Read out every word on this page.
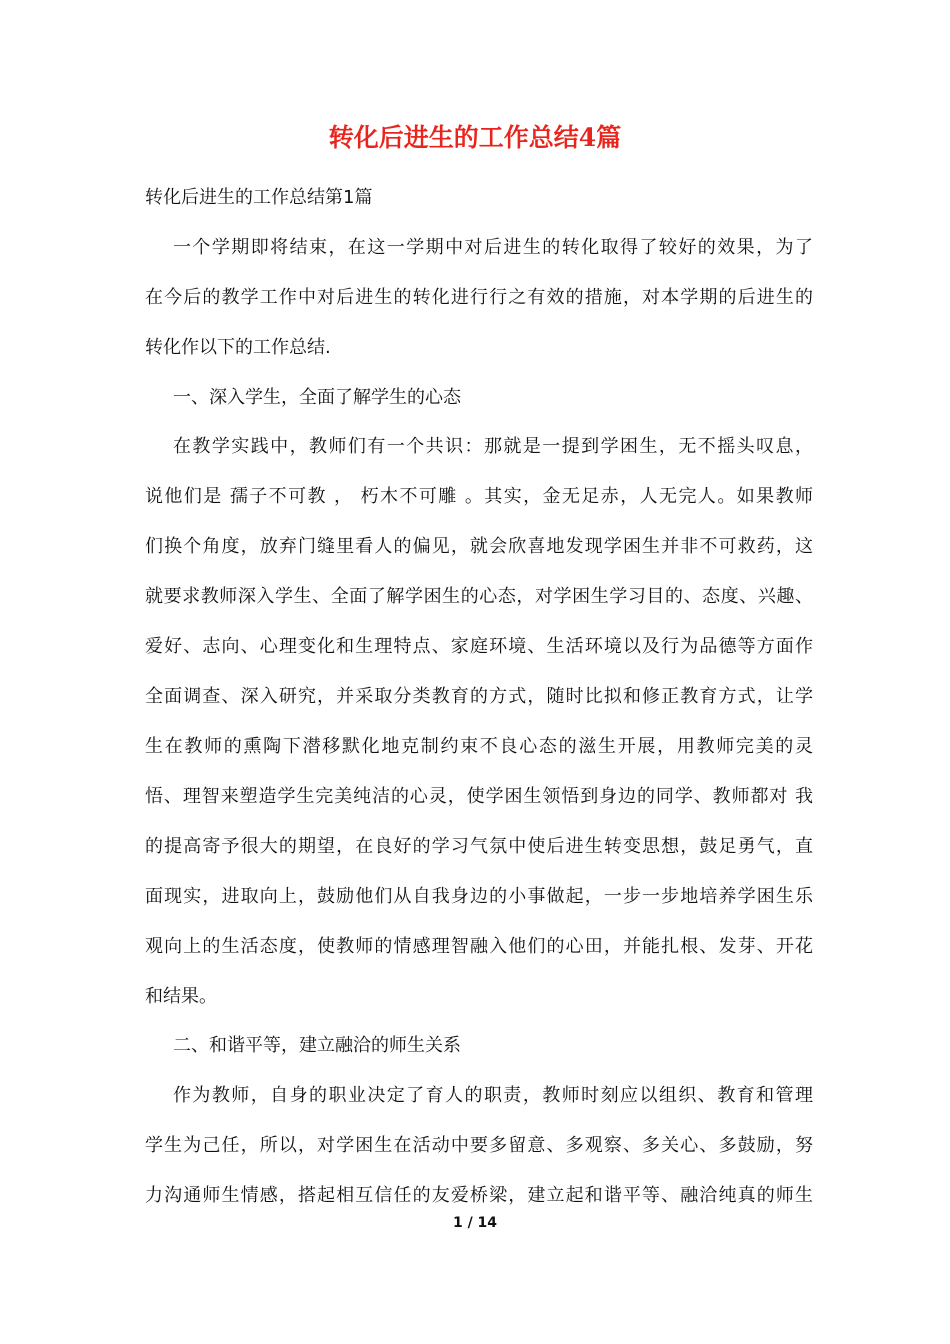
转化后进生的工作总结4篇
转化后进生的工作总结第1篇
一个学期即将结束，在这一学期中对后进生的转化取得了较好的效果，为了
在今后的教学工作中对后进生的转化进行行之有效的措施，对本学期的后进生的
转化作以下的工作总结.
一、深入学生，全面了解学生的心态
在教学实践中，教师们有一个共识：那就是一提到学困生，无不摇头叹息，
说他们是 孺子不可教 ， 朽木不可雕 。其实，金无足赤，人无完人。如果教师
们换个角度，放弃门缝里看人的偏见，就会欣喜地发现学困生并非不可救药，这
就要求教师深入学生、全面了解学困生的心态，对学困生学习目的、态度、兴趣、
爱好、志向、心理变化和生理特点、家庭环境、生活环境以及行为品德等方面作
全面调查、深入研究，并采取分类教育的方式，随时比拟和修正教育方式，让学
生在教师的熏陶下潜移默化地克制约束不良心态的滋生开展，用教师完美的灵
悟、理智来塑造学生完美纯洁的心灵，使学困生领悟到身边的同学、教师都对 我
的提高寄予很大的期望，在良好的学习气氛中使后进生转变思想，鼓足勇气，直
面现实，进取向上，鼓励他们从自我身边的小事做起，一步一步地培养学困生乐
观向上的生活态度，使教师的情感理智融入他们的心田，并能扎根、发芽、开花
和结果。
二、和谐平等，建立融洽的师生关系
作为教师，自身的职业决定了育人的职责，教师时刻应以组织、教育和管理
学生为己任，所以，对学困生在活动中要多留意、多观察、多关心、多鼓励，努
力沟通师生情感，搭起相互信任的友爱桥梁，建立起和谐平等、融洽纯真的师生
1 / 14
